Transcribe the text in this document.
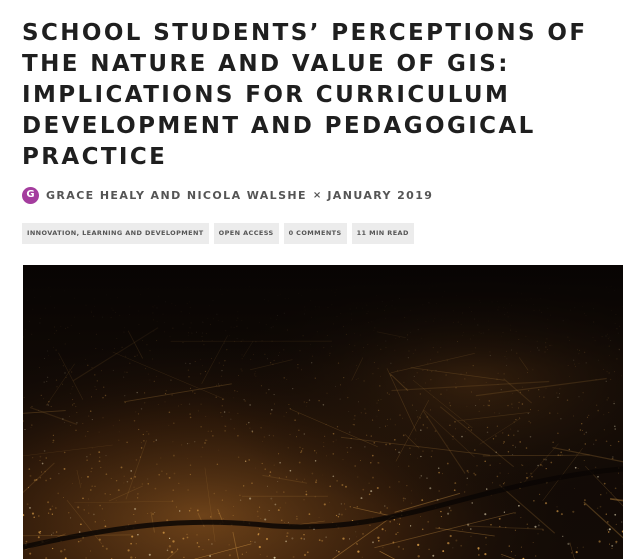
SCHOOL STUDENTS’ PERCEPTIONS OF THE NATURE AND VALUE OF GIS: IMPLICATIONS FOR CURRICULUM DEVELOPMENT AND PEDAGOGICAL PRACTICE
G GRACE HEALY AND NICOLA WALSHE × JANUARY 2019
INNOVATION, LEARNING AND DEVELOPMENT	OPEN ACCESS	0 COMMENTS	11 MIN READ
